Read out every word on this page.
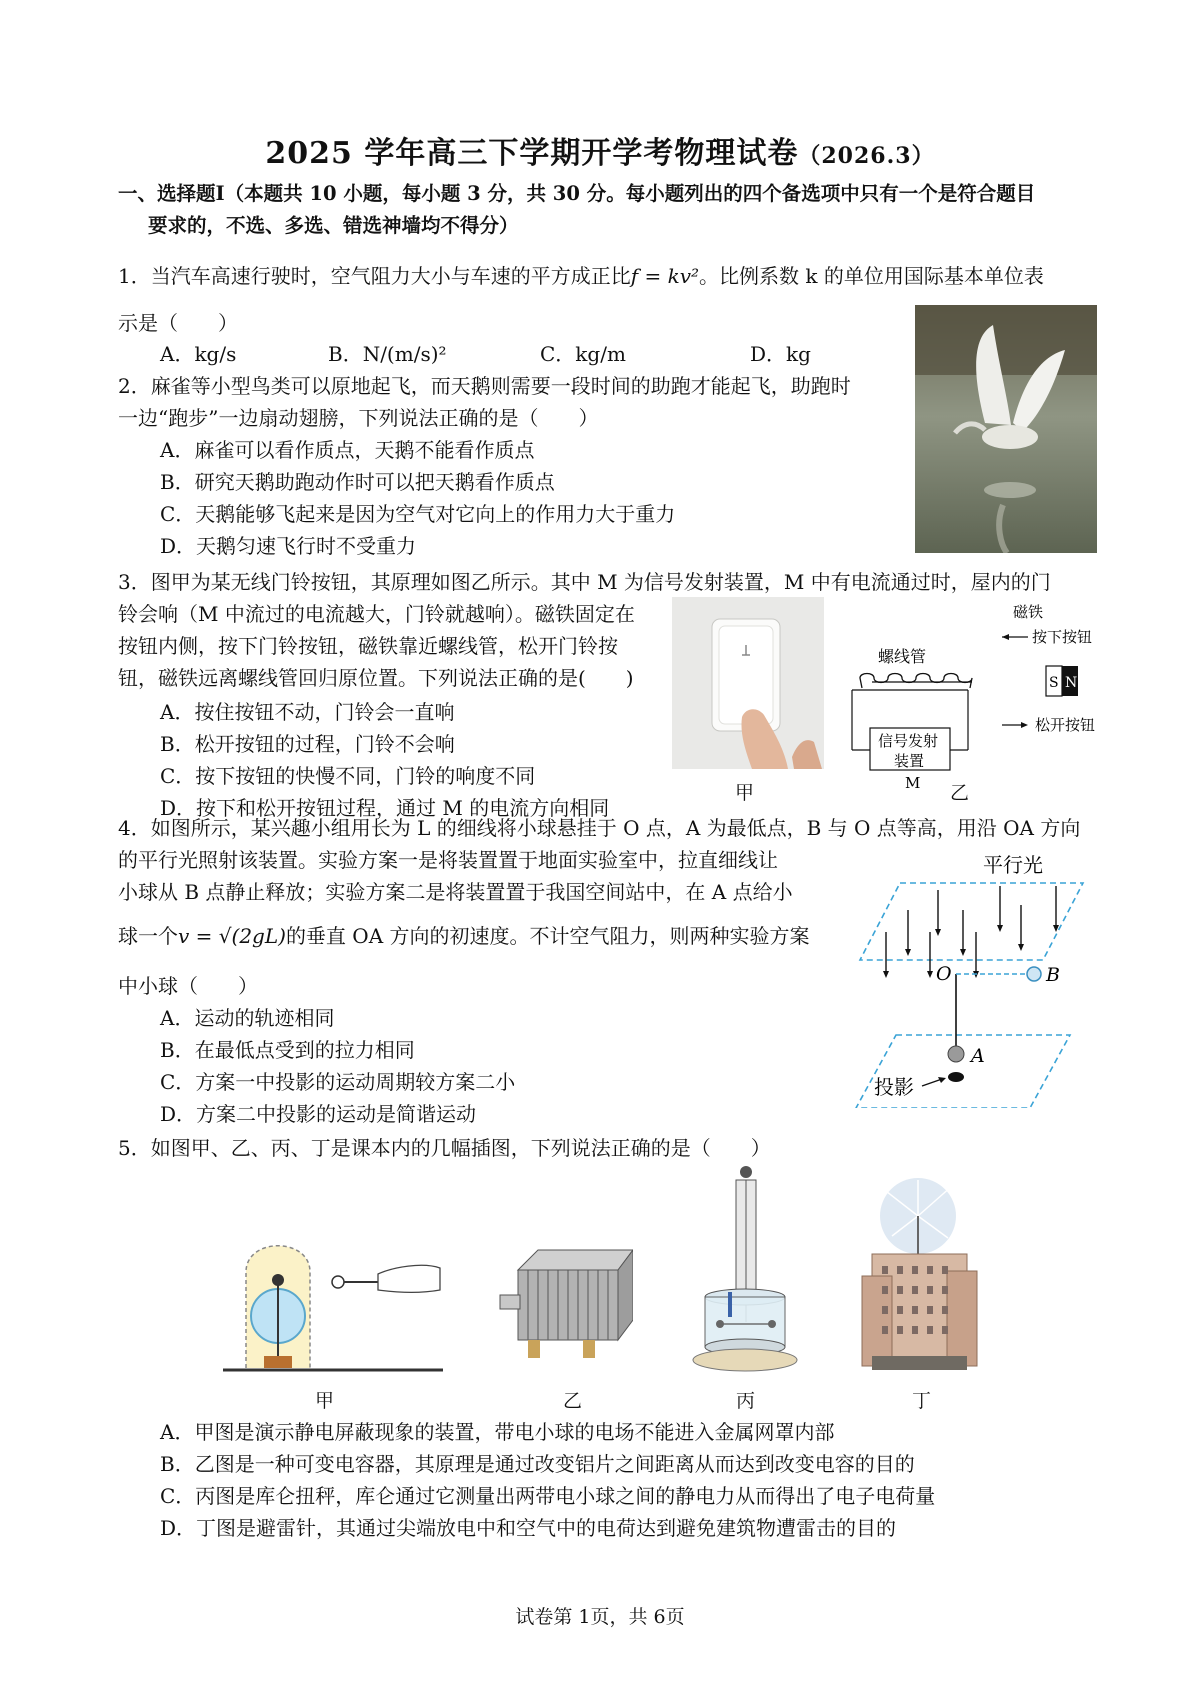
2025 学年高三下学期开学考物理试卷（2026.3）
一、选择题Ⅰ（本题共 10 小题，每小题 3 分，共 30 分。每小题列出的四个备选项中只有一个是符合题目
要求的，不选、多选、错选神墙均不得分）
1．当汽车高速行驶时，空气阻力大小与车速的平方成正比f = kv²。比例系数 k 的单位用国际基本单位表
示是（　　）
A．kg/s	B．N/(m/s)²	C．kg/m	D．kg
2．麻雀等小型鸟类可以原地起飞，而天鹅则需要一段时间的助跑才能起飞，助跑时
一边“跑步”一边扇动翅膀，下列说法正确的是（　　）
A．麻雀可以看作质点，天鹅不能看作质点
B．研究天鹅助跑动作时可以把天鹅看作质点
C．天鹅能够飞起来是因为空气对它向上的作用力大于重力
D．天鹅匀速飞行时不受重力
3．图甲为某无线门铃按钮，其原理如图乙所示。其中 M 为信号发射装置，M 中有电流通过时，屋内的门
铃会响（M 中流过的电流越大，门铃就越响）。磁铁固定在
按钮内侧，按下门铃按钮，磁铁靠近螺线管，松开门铃按
钮，磁铁远离螺线管回归原位置。下列说法正确的是(　　)
A．按住按钮不动，门铃会一直响
B．松开按钮的过程，门铃不会响
C．按下按钮的快慢不同，门铃的响度不同
D．按下和松开按钮过程，通过 M 的电流方向相同
甲
磁铁
按下按钮
螺线管
信号发射
装置
M
S N
松开按钮
乙
4．如图所示，某兴趣小组用长为 L 的细线将小球悬挂于 O 点，A 为最低点，B 与 O 点等高，用沿 OA 方向
的平行光照射该装置。实验方案一是将装置置于地面实验室中，拉直细线让
小球从 B 点静止释放；实验方案二是将装置置于我国空间站中，在 A 点给小
球一个v = √(2gL)的垂直 OA 方向的初速度。不计空气阻力，则两种实验方案
中小球（　　）
A．运动的轨迹相同
B．在最低点受到的拉力相同
C．方案一中投影的运动周期较方案二小
D．方案二中投影的运动是简谐运动
平行光
O	B
A
投影
5．如图甲、乙、丙、丁是课本内的几幅插图，下列说法正确的是（　　）
甲	乙	丙	丁
A．甲图是演示静电屏蔽现象的装置，带电小球的电场不能进入金属网罩内部
B．乙图是一种可变电容器，其原理是通过改变铝片之间距离从而达到改变电容的目的
C．丙图是库仑扭秤，库仑通过它测量出两带电小球之间的静电力从而得出了电子电荷量
D．丁图是避雷针，其通过尖端放电中和空气中的电荷达到避免建筑物遭雷击的目的
试卷第 1页，共 6页
